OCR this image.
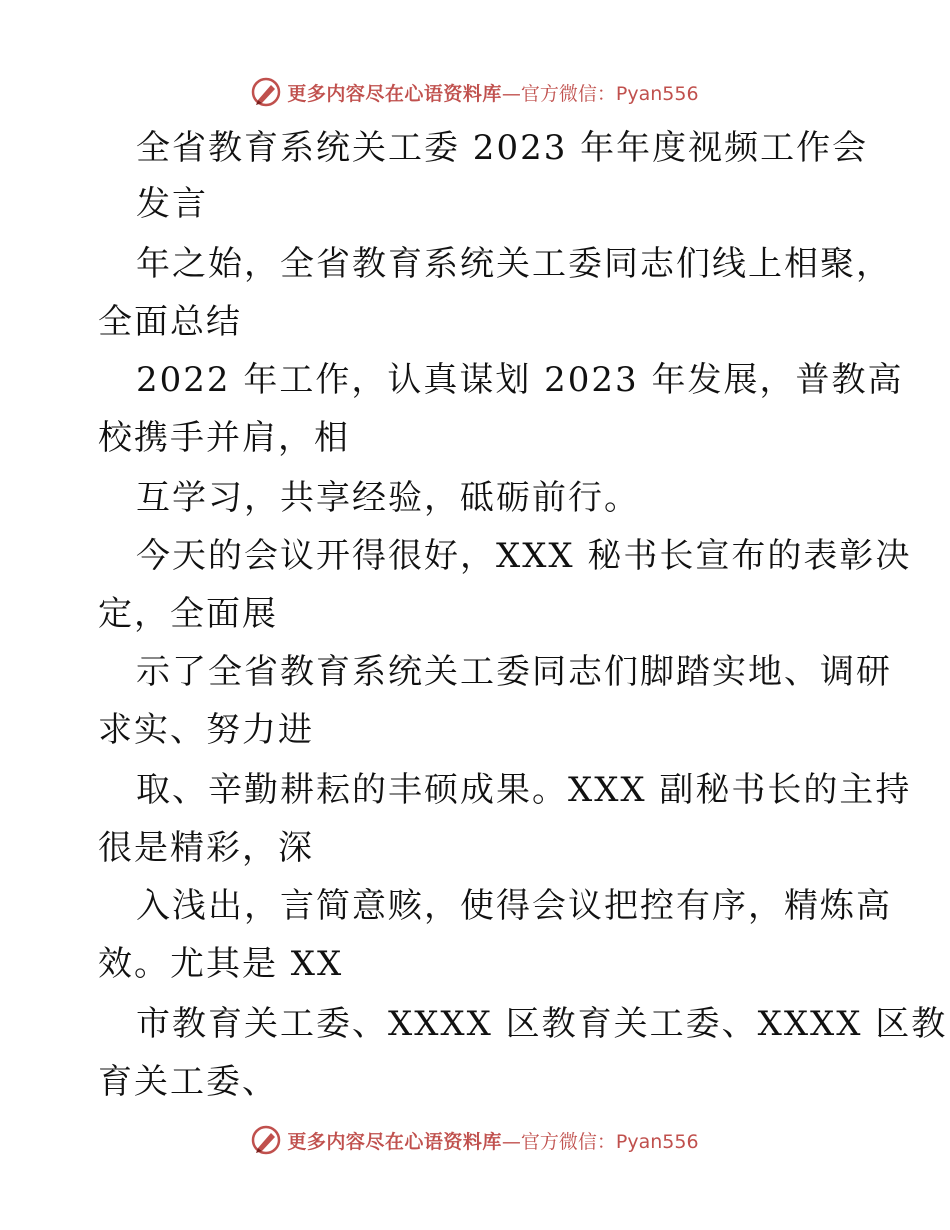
更多内容尽在心语资料库 —官方微信：Pyan556
全省教育系统关工委 2023 年年度视频工作会
发言
年之始，全省教育系统关工委同志们线上相聚，
全面总结
2022 年工作，认真谋划 2023 年发展，普教高
校携手并肩，相
互学习，共享经验，砥砺前行。
今天的会议开得很好，XXX 秘书长宣布的表彰决
定，全面展
示了全省教育系统关工委同志们脚踏实地、调研
求实、努力进
取、辛勤耕耘的丰硕成果。XXX 副秘书长的主持
很是精彩，深
入浅出，言简意赅，使得会议把控有序，精炼高
效。尤其是 XX
市教育关工委、XXXX 区教育关工委、XXXX 区教
育关工委、
更多内容尽在心语资料库 —官方微信：Pyan556
